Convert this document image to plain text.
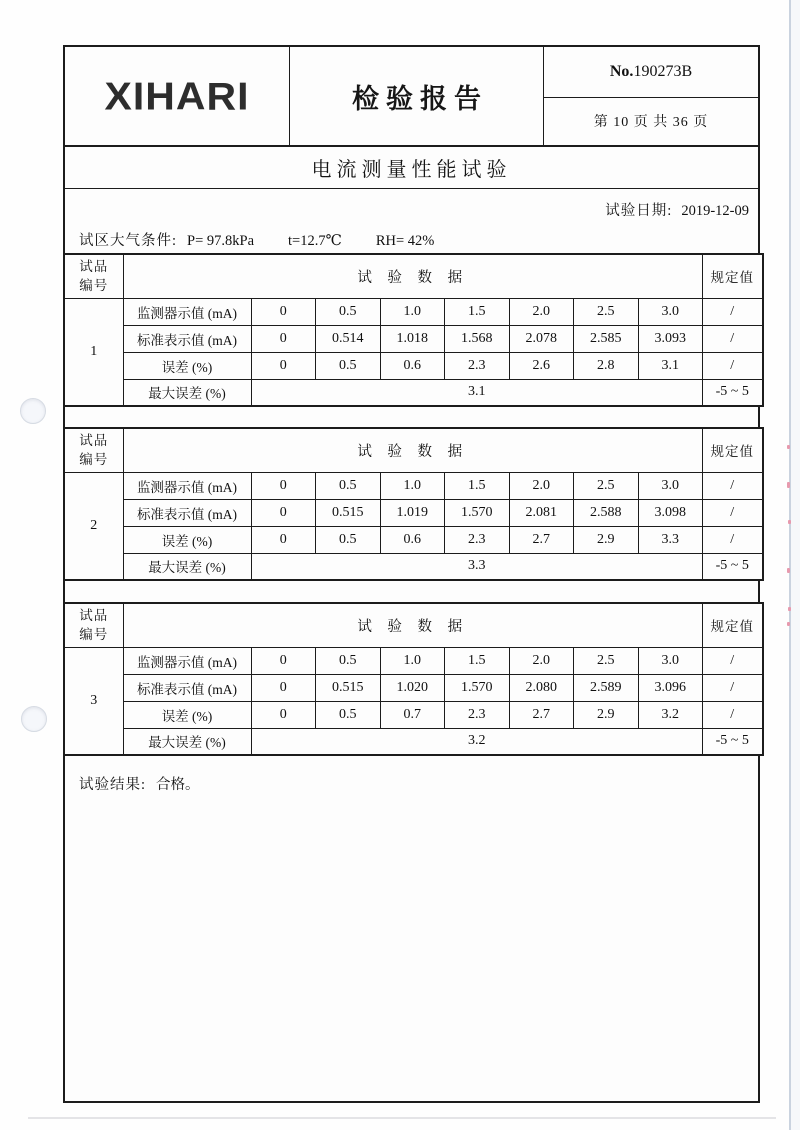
XIHARI	检验报告
No. 190273B
第 10 页 共 36 页
电流测量性能试验
试验日期: 2019-12-09
试区大气条件: P= 97.8kPa t=12.7℃ RH= 42%
试品
编号	试 验 数 据								规定值
1	监测器示值 (mA)	0	0.5	1.0	1.5	2.0	2.5	3.0	/
	标准表示值 (mA)	0	0.514	1.018	1.568	2.078	2.585	3.093	/
	误差 (%)	0	0.5	0.6	2.3	2.6	2.8	3.1	/
	最大误差 (%)	3.1							-5 ~ 5
试品
编号	试 验 数 据								规定值
2	监测器示值 (mA)	0	0.5	1.0	1.5	2.0	2.5	3.0	/
	标准表示值 (mA)	0	0.515	1.019	1.570	2.081	2.588	3.098	/
	误差 (%)	0	0.5	0.6	2.3	2.7	2.9	3.3	/
	最大误差 (%)	3.3							-5 ~ 5
试品
编号	试 验 数 据								规定值
3	监测器示值 (mA)	0	0.5	1.0	1.5	2.0	2.5	3.0	/
	标准表示值 (mA)	0	0.515	1.020	1.570	2.080	2.589	3.096	/
	误差 (%)	0	0.5	0.7	2.3	2.7	2.9	3.2	/
	最大误差 (%)	3.2							-5 ~ 5
试验结果: 合格。
